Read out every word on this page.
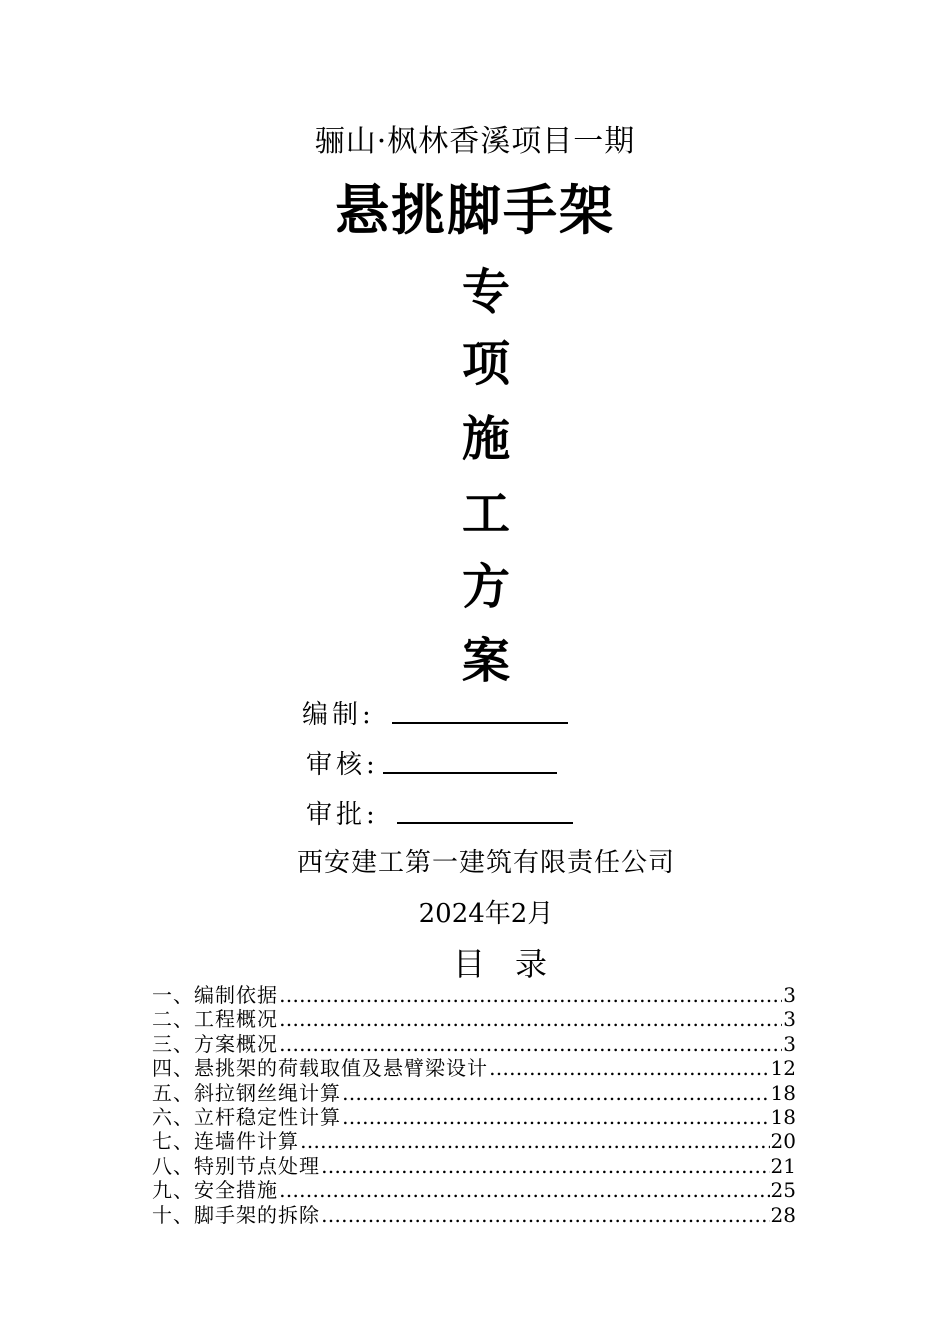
骊山·枫林香溪项目一期
悬挑脚手架
专
项
施
工
方
案
编制:
审核:
审批:
西安建工第一建筑有限责任公司
2024年2月
目录
一、编制依据 ………………………………………………………………………………………………………………………………	3
二、工程概况 ………………………………………………………………………………………………………………………………	3
三、方案概况 ………………………………………………………………………………………………………………………………	3
四、悬挑架的荷载取值及悬臂梁设计 ………………………………………………………………………………………………………………………………	12
五、斜拉钢丝绳计算 ………………………………………………………………………………………………………………………………	18
六、立杆稳定性计算 ………………………………………………………………………………………………………………………………	18
七、连墙件计算 ………………………………………………………………………………………………………………………………	20
八、特别节点处理 ………………………………………………………………………………………………………………………………	21
九、安全措施 ………………………………………………………………………………………………………………………………	25
十、脚手架的拆除 ………………………………………………………………………………………………………………………………	28
